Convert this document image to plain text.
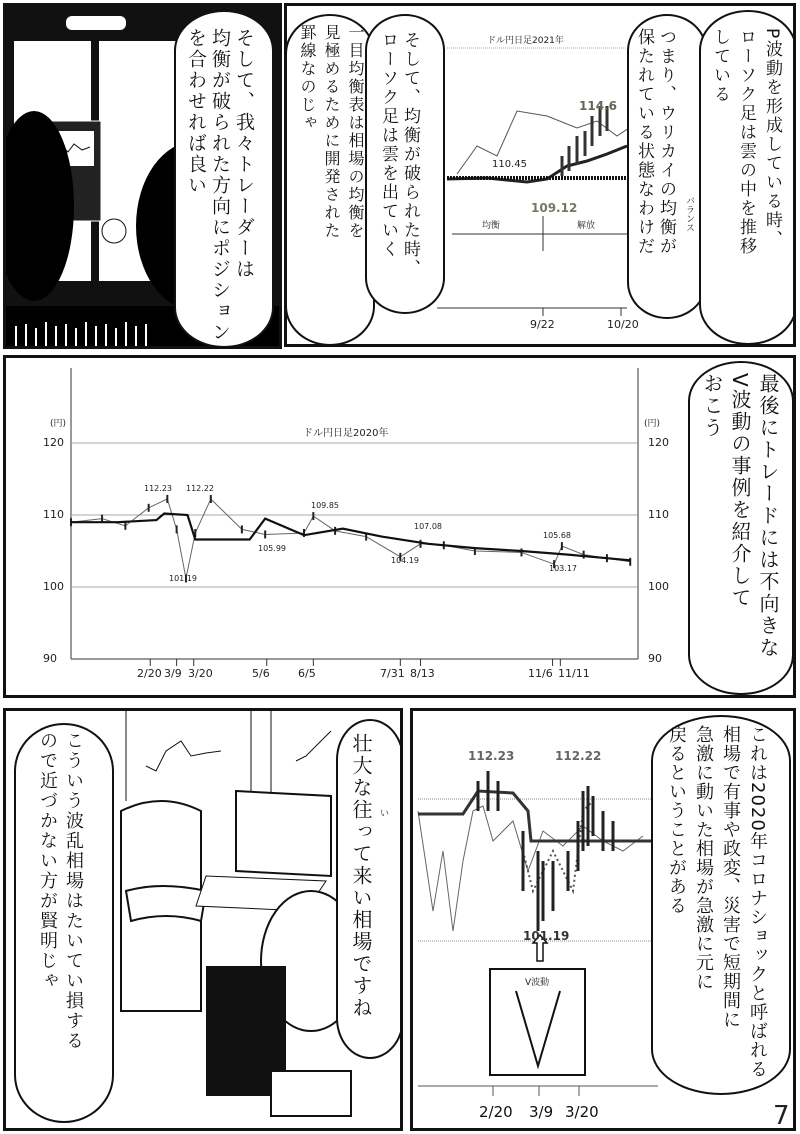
そして、我々トレーダーは
均衡が破られた方向にポジション
を合わせれば良い	ドル円日足2021年
114.6
110.45
109.12
均衡	解放
9/22	10/20
そして、均衡が破られた時、
ローソク足は雲を出ていく
一目均衡表は相場の均衡を
見極めるために開発された
罫線なのじゃ	つまり、ウリカイの均衡が
保たれている状態なわけだ	バランス	P波動を形成している時、
ローソク足は雲の中を推移
している
ドル円日足2020年
(円)	(円)
120	120
110	110
100	100
90	90
2/20 3/9 3/20	5/6	6/5	7/31 8/13	11/6 11/11
112.23 112.22
109.85
105.99
101.19
104.19
107.08
105.68
103.17	最後にトレードには不向きな
V波動の事例を紹介して
おこう
こういう波乱相場はたいてい損する
ので近づかない方が賢明じゃ	壮大な往って来い相場ですね い
112.23	112.22
101.19
V波動
2/20 3/9 3/20
これは2020年コロナショックと呼ばれる
相場で有事や政変、災害で短期間に
急激に動いた相場が急激に元に
戻るということがある
7
